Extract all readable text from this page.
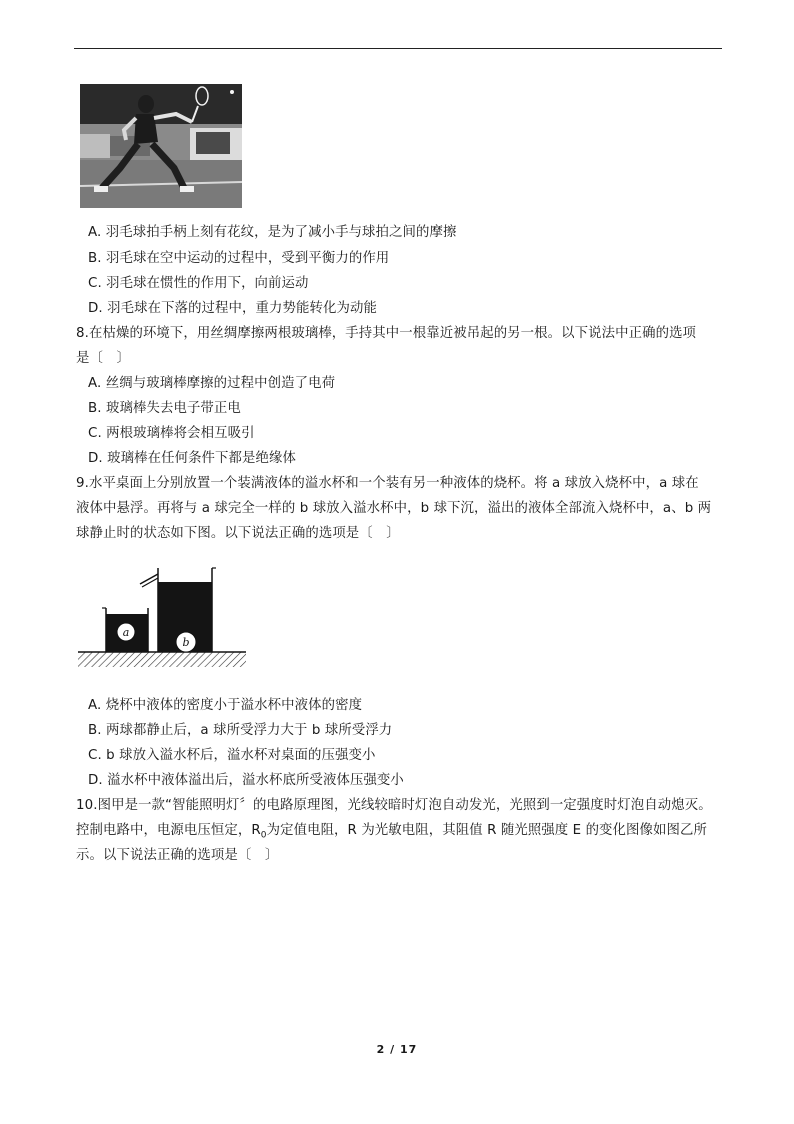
A. 羽毛球拍手柄上刻有花纹，是为了减小手与球拍之间的摩擦
B. 羽毛球在空中运动的过程中，受到平衡力的作用
C. 羽毛球在惯性的作用下，向前运动
D. 羽毛球在下落的过程中，重力势能转化为动能
8.在枯燥的环境下，用丝绸摩擦两根玻璃棒，手持其中一根靠近被吊起的另一根。以下说法中正确的选项
是〔　〕
A. 丝绸与玻璃棒摩擦的过程中创造了电荷
B. 玻璃棒失去电子带正电
C. 两根玻璃棒将会相互吸引
D. 玻璃棒在任何条件下都是绝缘体
9.水平桌面上分别放置一个装满液体的溢水杯和一个装有另一种液体的烧杯。将 a 球放入烧杯中，a 球在
液体中悬浮。再将与 a 球完全一样的 b 球放入溢水杯中，b 球下沉，溢出的液体全部流入烧杯中，a、b 两
球静止时的状态如下图。以下说法正确的选项是〔　〕
a
b
A. 烧杯中液体的密度小于溢水杯中液体的密度
B. 两球都静止后，a 球所受浮力大于 b 球所受浮力
C. b 球放入溢水杯后，溢水杯对桌面的压强变小
D. 溢水杯中液体溢出后，溢水杯底所受液体压强变小
10.图甲是一款“智能照明灯〞的电路原理图，光线较暗时灯泡自动发光，光照到一定强度时灯泡自动熄灭。
控制电路中，电源电压恒定，$R_0$为定值电阻，R 为光敏电阻，其阻值 R 随光照强度 E 的变化图像如图乙所
示。以下说法正确的选项是〔　〕
2 / 17
